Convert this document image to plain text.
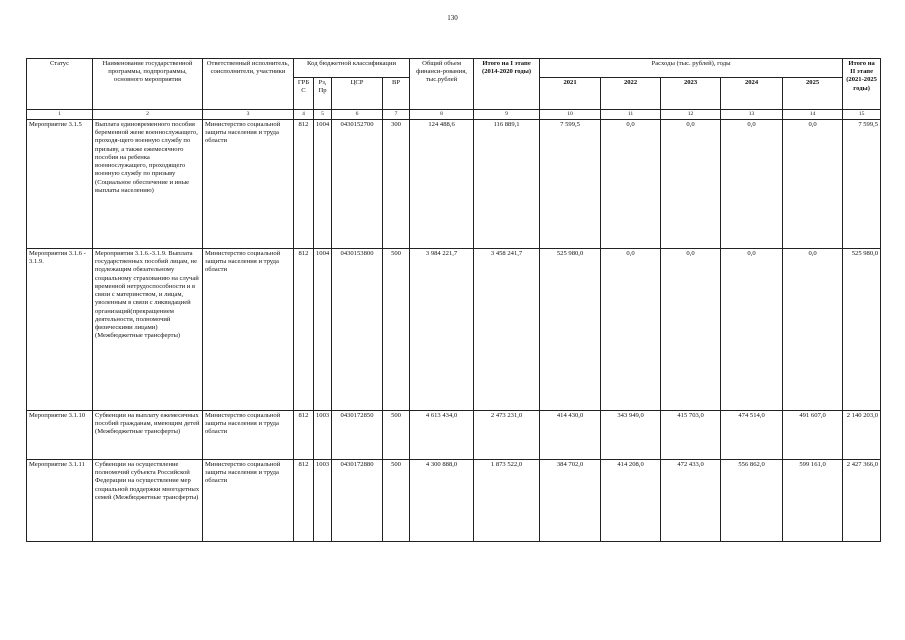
130
Статус	Наименование государственной программы, подпрограммы, основного мероприятия	Ответственный исполнитель, соисполнители, участники	Код бюджетной классификации				Общий объем финанси-рования, тыс.рублей	Итого на I этапе (2014-2020 годы)	Расходы (тыс. рублей), годы					Итого на II этапе (2021-2025 годы)
			ГРБ С	Рз, Пр	ЦСР	ВР			2021	2022	2023	2024	2025	
1	2	3	4	5	6	7	8	9	10	11	12	13	14	15
Мероприятие 3.1.5	Выплата единовременного пособия беременной жене военнослужащего, проходя-щего военную службу по призыву, а также ежемесячного пособия на ребенка военнослужащего, проходящего военную службу по призыву (Социальное обеспечение и иные выплаты населению)	Министерство социальной защиты населения и труда области	812	1004	0430152700	300	124 488,6	116 889,1	7 599,5	0,0	0,0	0,0	0,0	7 599,5
Мероприятия 3.1.6 - 3.1.9.	Мероприятия 3.1.6.-3.1.9. Выплата государственных пособий лицам, не подлежащим обязательному социальному страхованию на случай временной нетрудоспособности и в связи с материнством, и лицам, уволенным в связи с ликвидацией организаций(прекращением деятельности, полномочий физическими лицами) (Межбюджетные трансферты)	Министерство социальной защиты населения и труда области	812	1004	0430153800	500	3 984 221,7	3 458 241,7	525 980,0	0,0	0,0	0,0	0,0	525 980,0
Мероприятие 3.1.10	Субвенции на выплату ежемесячных пособий гражданам, имеющим детей (Межбюджетные трансферты)	Министерство социальной защиты населения и труда области	812	1003	0430172850	500	4 613 434,0	2 473 231,0	414 430,0	343 949,0	415 703,0	474 514,0	491 607,0	2 140 203,0
Мероприятие 3.1.11	Субвенции на осуществление полномочий субъекта Российской Федерации на осуществление мер социальной поддержки многодетных семей (Межбюджетные трансферты)	Министерство социальной защиты населения и труда области	812	1003	0430172880	500	4 300 888,0	1 873 522,0	384 702,0	414 208,0	472 433,0	556 862,0	599 161,0	2 427 366,0
